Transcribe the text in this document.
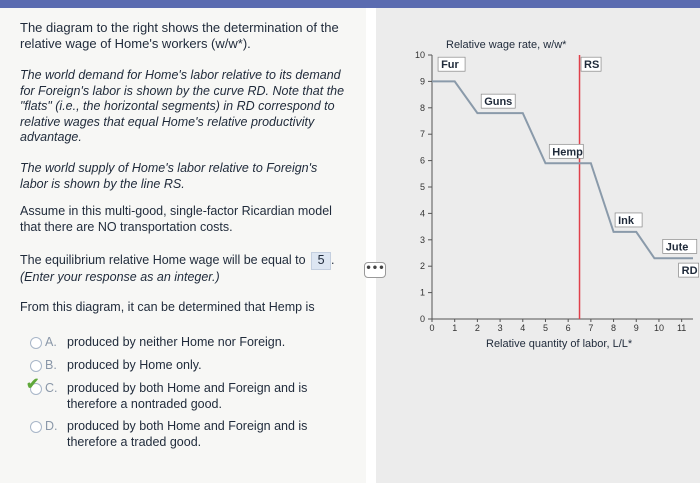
•••
The diagram to the right shows the determination of the relative wage of Home's workers (w/w*).
The world demand for Home's labor relative to its demand for Foreign's labor is shown by the curve RD. Note that the "flats" (i.e., the horizontal segments) in RD correspond to relative wages that equal Home's relative productivity advantage.
The world supply of Home's labor relative to Foreign's labor is shown by the line RS.
Assume in this multi-good, single-factor Ricardian model that there are NO transportation costs.
The equilibrium relative Home wage will be equal to 5 .
(Enter your response as an integer.)
From this diagram, it can be determined that Hemp is
A. produced by neither Home nor Foreign.
B. produced by Home only.
✔ C. produced by both Home and Foreign and is therefore a nontraded good.
D. produced by both Home and Foreign and is therefore a traded good.
Relative wage rate, w/w*
Relative quantity of labor, L/L*
0
1
2
3
4
5
6
7
8
9
10
0 1 2 3 4 5 6 7 8 9 10 11
Fur	RS
Guns
Hemp
Ink
Jute
RD
